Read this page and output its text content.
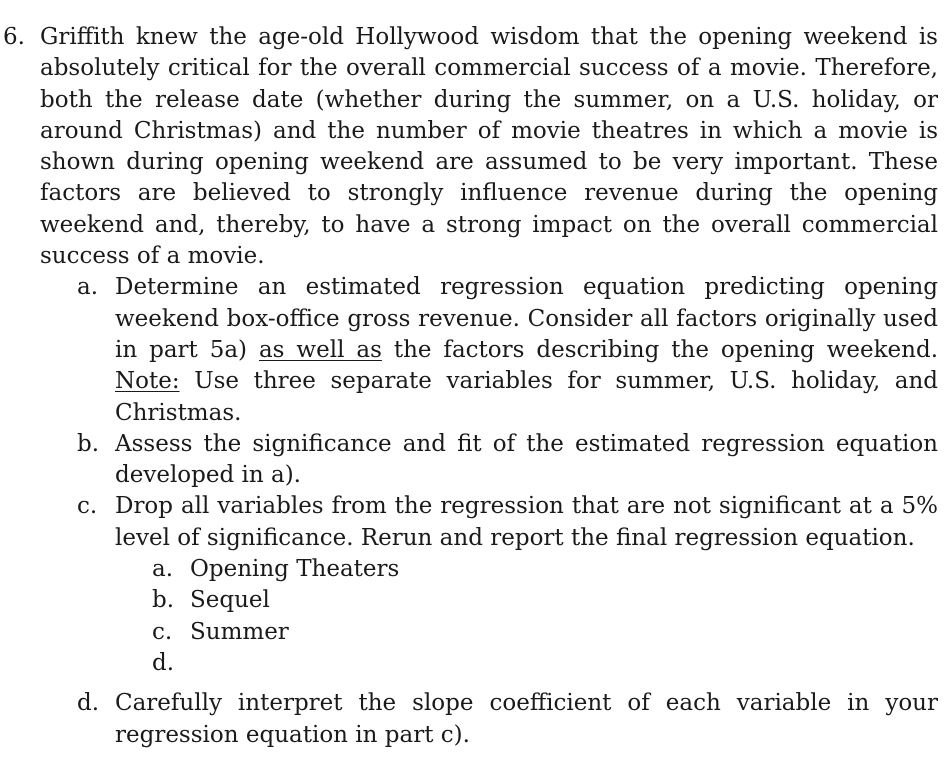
6. Griffith knew the age-old Hollywood wisdom that the opening weekend is absolutely critical for the overall commercial success of a movie. Therefore, both the release date (whether during the summer, on a U.S. holiday, or around Christmas) and the number of movie theatres in which a movie is shown during opening weekend are assumed to be very important. These factors are believed to strongly influence revenue during the opening weekend and, thereby, to have a strong impact on the overall commercial success of a movie.
a. Determine an estimated regression equation predicting opening weekend box-office gross revenue. Consider all factors originally used in part 5a) as well as the factors describing the opening weekend. Note: Use three separate variables for summer, U.S. holiday, and Christmas.
b. Assess the significance and fit of the estimated regression equation developed in a).
c. Drop all variables from the regression that are not significant at a 5% level of significance. Rerun and report the final regression equation.
a. Opening Theaters
b. Sequel
c. Summer
d.
d. Carefully interpret the slope coefficient of each variable in your regression equation in part c).
